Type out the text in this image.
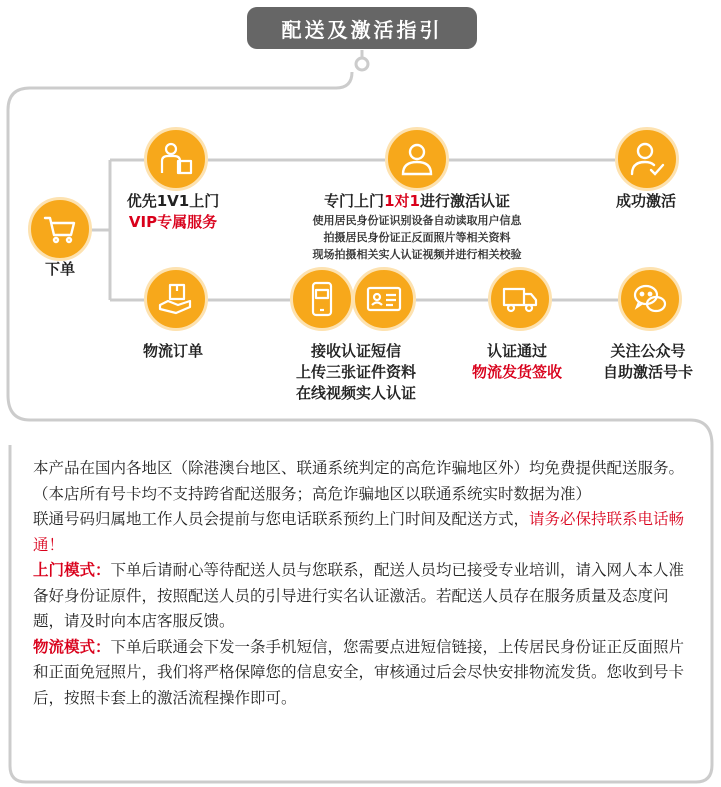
配送及激活指引
下单
优先1V1上门
VIP专属服务
专门上门1对1进行激活认证
使用居民身份证识别设备自动读取用户信息
拍摄居民身份证正反面照片等相关资料
现场拍摄相关实人认证视频并进行相关校验
成功激活
物流订单	接收认证短信
上传三张证件资料
在线视频实人认证
认证通过
物流发货签收
关注公众号
自助激活号卡

本产品在国内各地区（除港澳台地区、联通系统判定的高危诈骗地区外）均免费提供配送服务。（本店所有号卡均不支持跨省配送服务；高危诈骗地区以联通系统实时数据为准）

联通号码归属地工作人员会提前与您电话联系预约上门时间及配送方式，请务必保持联系电话畅通！

上门模式：下单后请耐心等待配送人员与您联系，配送人员均已接受专业培训，请入网人本人准备好身份证原件，按照配送人员的引导进行实名认证激活。若配送人员存在服务质量及态度问题，请及时向本店客服反馈。

物流模式：下单后联通会下发一条手机短信，您需要点进短信链接，上传居民身份证正反面照片和正面免冠照片，我们将严格保障您的信息安全，审核通过后会尽快安排物流发货。您收到号卡后，按照卡套上的激活流程操作即可。
